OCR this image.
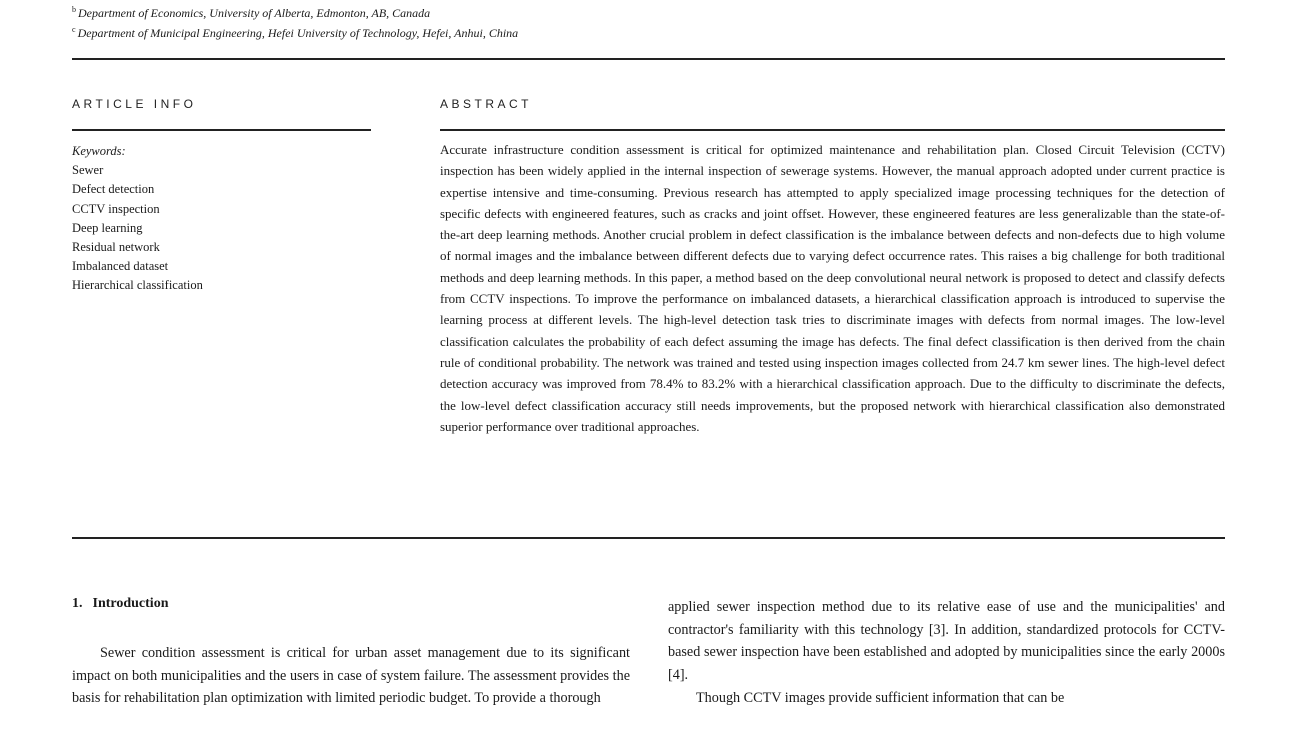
$^b$ Department of Economics, University of Alberta, Edmonton, AB, Canada
$^c$ Department of Municipal Engineering, Hefei University of Technology, Hefei, Anhui, China
ARTICLE INFO
Keywords:
Sewer
Defect detection
CCTV inspection
Deep learning
Residual network
Imbalanced dataset
Hierarchical classification
ABSTRACT
Accurate infrastructure condition assessment is critical for optimized maintenance and rehabilitation plan. Closed Circuit Television (CCTV) inspection has been widely applied in the internal inspection of sewerage systems. However, the manual approach adopted under current practice is expertise intensive and time-consuming. Previous research has attempted to apply specialized image processing techniques for the detection of specific defects with engineered features, such as cracks and joint offset. However, these engineered features are less generalizable than the state-of-the-art deep learning methods. Another crucial problem in defect classification is the imbalance between defects and non-defects due to high volume of normal images and the imbalance between different defects due to varying defect occurrence rates. This raises a big challenge for both traditional methods and deep learning methods. In this paper, a method based on the deep convolutional neural network is proposed to detect and classify defects from CCTV inspections. To improve the performance on imbalanced datasets, a hierarchical classification approach is introduced to supervise the learning process at different levels. The high-level detection task tries to discriminate images with defects from normal images. The low-level classification calculates the probability of each defect assuming the image has defects. The final defect classification is then derived from the chain rule of conditional probability. The network was trained and tested using inspection images collected from 24.7 km sewer lines. The high-level defect detection accuracy was improved from 78.4% to 83.2% with a hierarchical classification approach. Due to the difficulty to discriminate the defects, the low-level defect classification accuracy still needs improvements, but the proposed network with hierarchical classification also demonstrated superior performance over traditional approaches.
1. Introduction

Sewer condition assessment is critical for urban asset management due to its significant impact on both municipalities and the users in case of system failure. The assessment provides the basis for rehabilitation plan optimization with limited periodic budget. To provide a thorough

applied sewer inspection method due to its relative ease of use and the municipalities' and contractor's familiarity with this technology [3]. In addition, standardized protocols for CCTV-based sewer inspection have been established and adopted by municipalities since the early 2000s [4].

Though CCTV images provide sufficient information that can be
